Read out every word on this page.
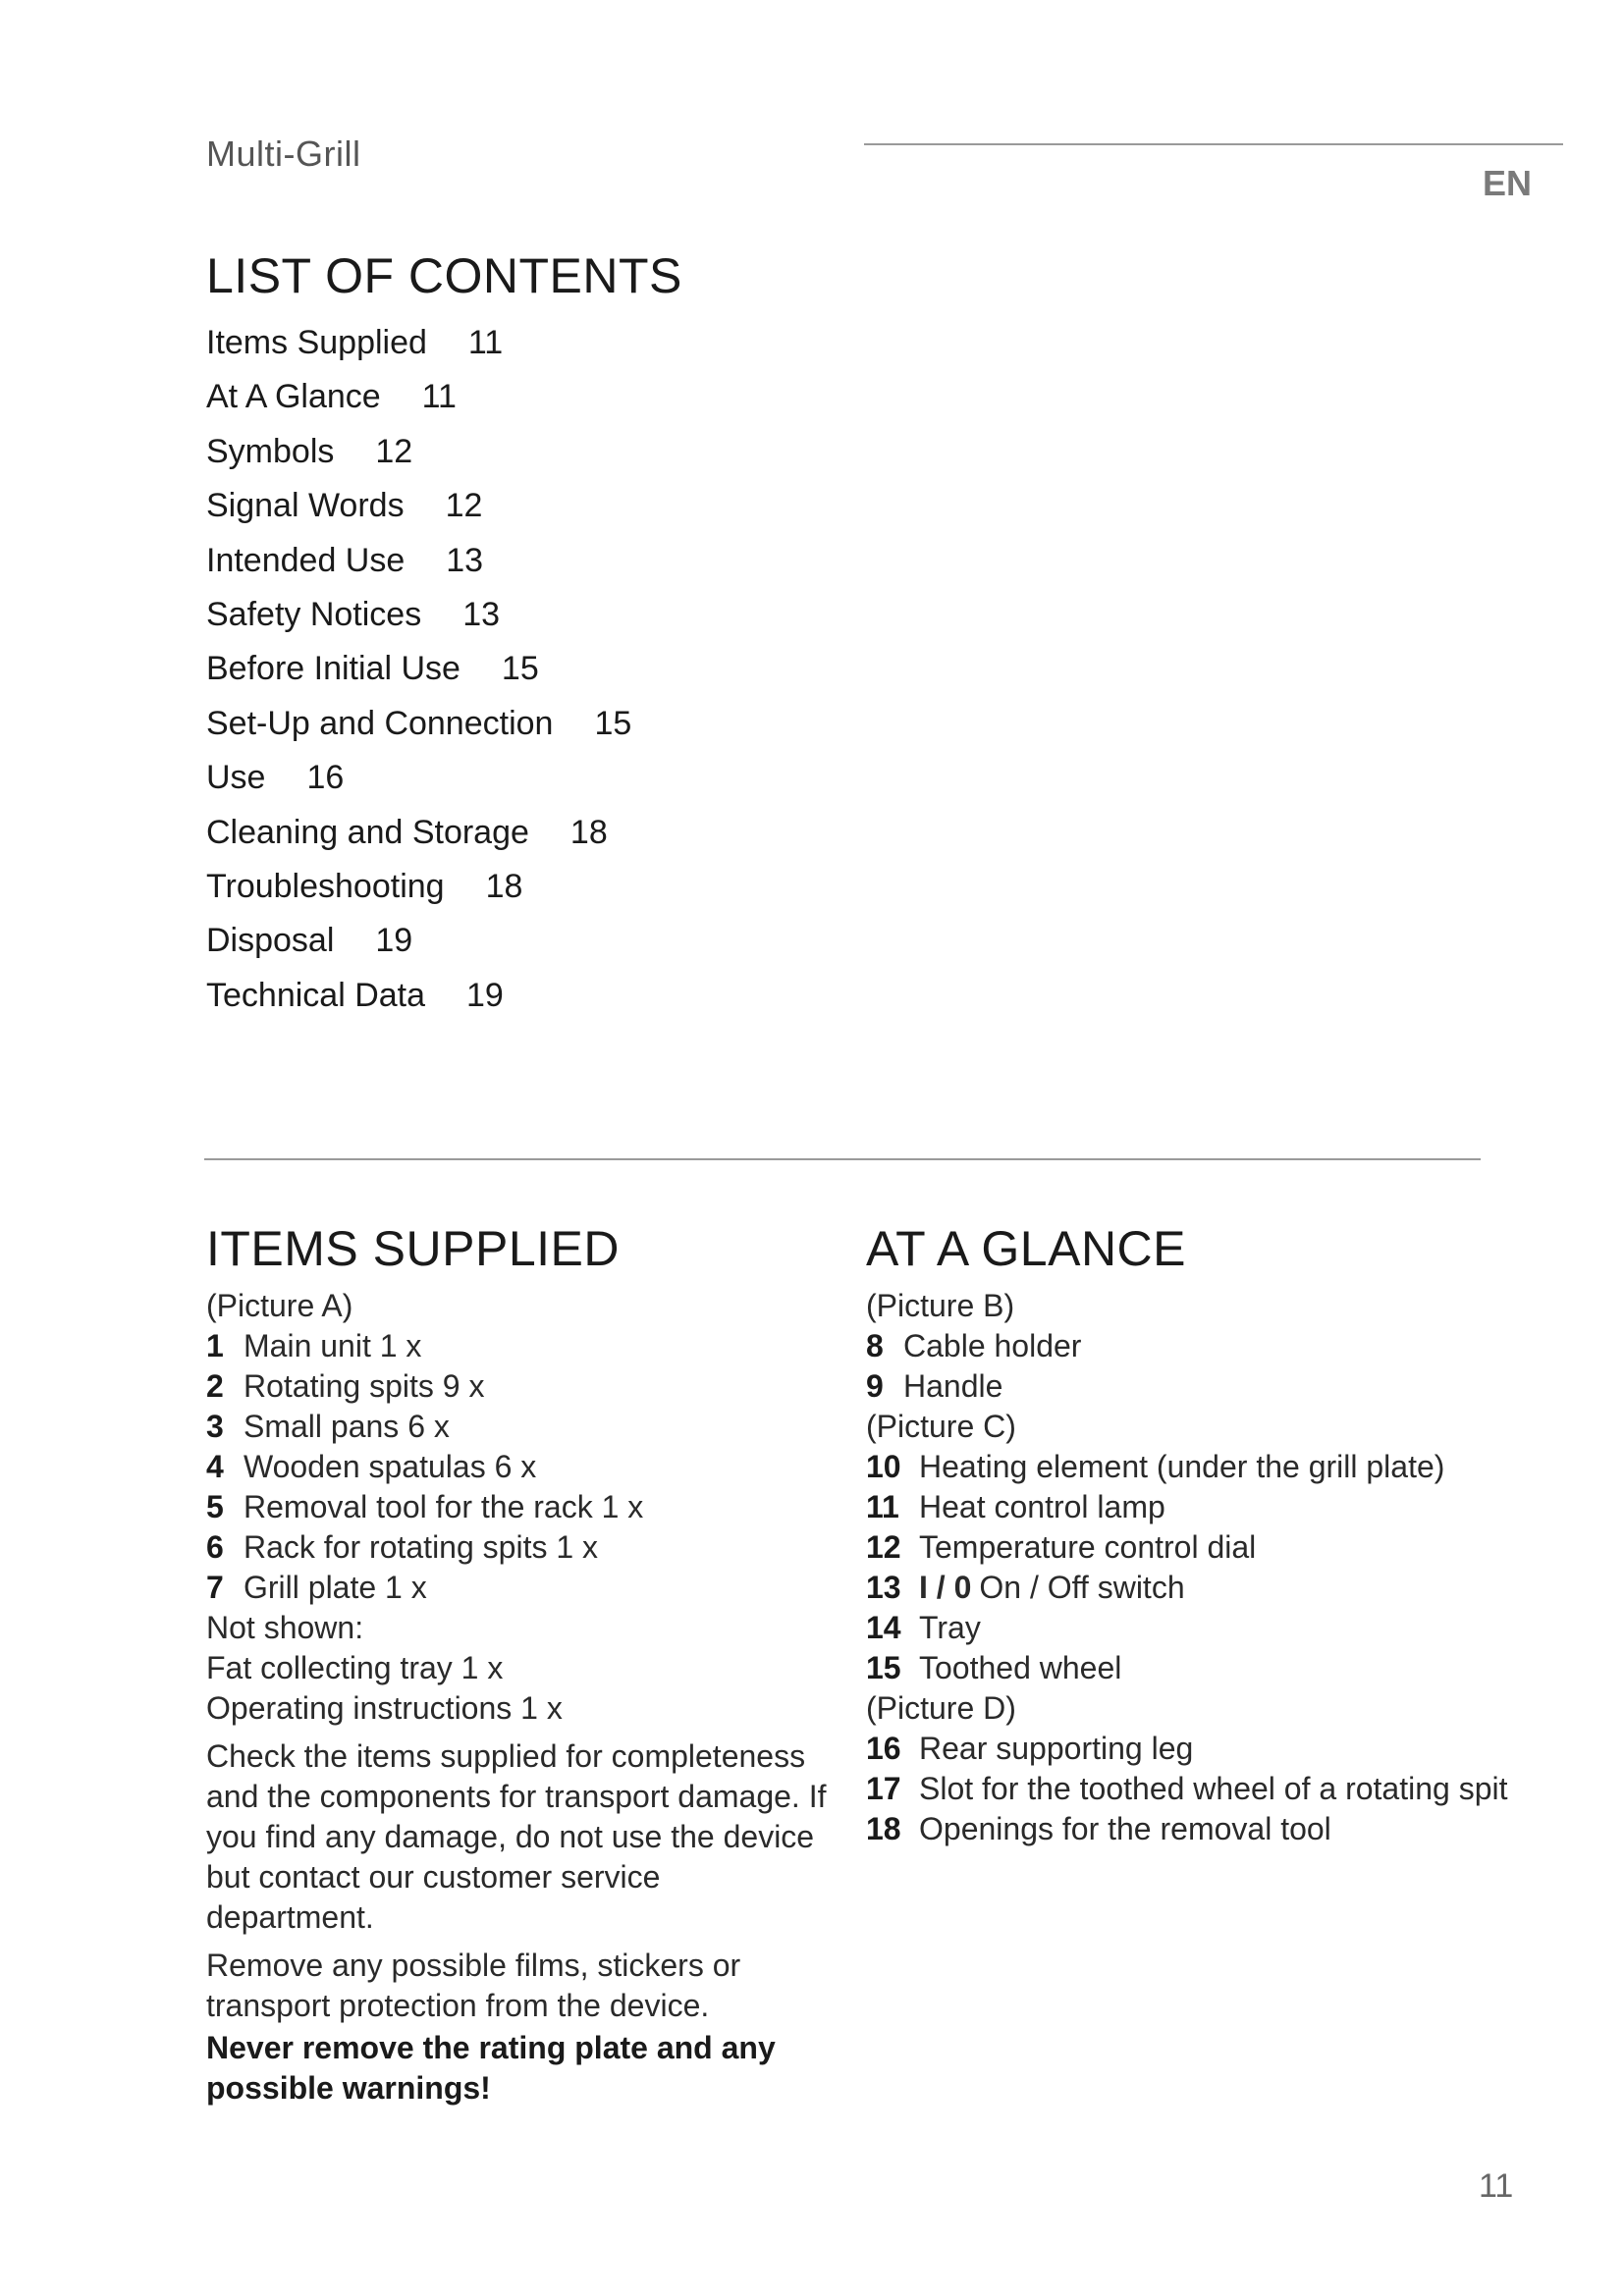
Multi-Grill
EN
LIST OF CONTENTS
Items Supplied 11
At A Glance 11
Symbols 12
Signal Words 12
Intended Use 13
Safety Notices 13
Before Initial Use 15
Set-Up and Connection 15
Use 16
Cleaning and Storage 18
Troubleshooting 18
Disposal 19
Technical Data 19
ITEMS SUPPLIED

(Picture A)

1 Main unit 1 x
2 Rotating spits 9 x
3 Small pans 6 x
4 Wooden spatulas 6 x
5 Removal tool for the rack 1 x
6 Rack for rotating spits 1 x
7 Grill plate 1 x

Not shown:

Fat collecting tray 1 x

Operating instructions 1 x

Check the items supplied for completeness and the components for transport damage. If you find any damage, do not use the device but contact our customer service department.

Remove any possible films, stickers or transport protection from the device.

Never remove the rating plate and any possible warnings!

AT A GLANCE

(Picture B)

8 Cable holder
9 Handle

(Picture C)

10 Heating element (under the grill plate)
11 Heat control lamp
12 Temperature control dial
13 I / 0 On / Off switch
14 Tray
15 Toothed wheel

(Picture D)

16 Rear supporting leg
17 Slot for the toothed wheel of a rotating spit
18 Openings for the removal tool
11
